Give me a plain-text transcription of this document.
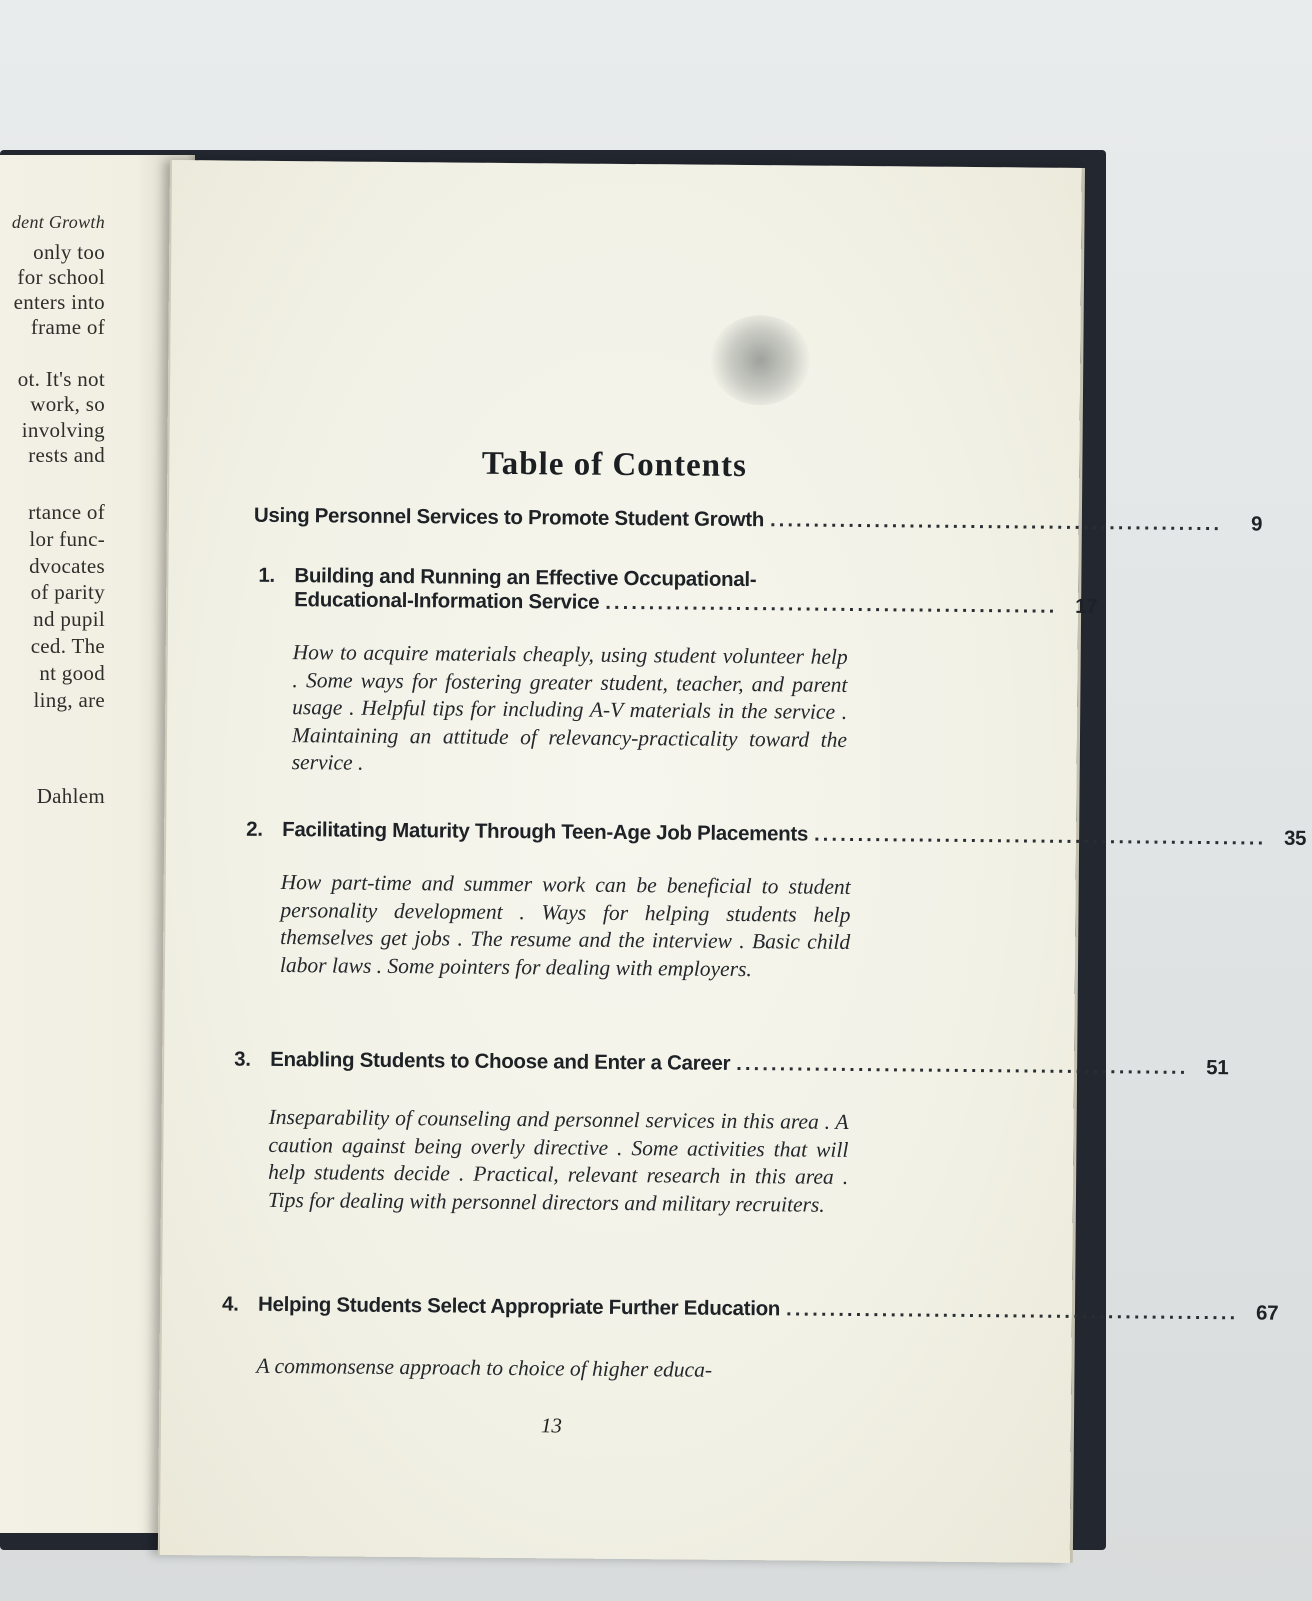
dent Growth

only too

for school

enters into

frame of

ot. It's not

work, so

involving

rests and

rtance of

lor func-

dvocates

of parity

nd pupil

ced. The

nt good

ling, are

Dahlem

Table of Contents
Using Personnel Services to Promote Student Growth ....................................................	9
1. Building and Running an Effective Occupational-
Educational-Information Service .................................................... 17

How to acquire materials cheaply, using student volunteer help . Some ways for fostering greater student, teacher, and parent usage . Helpful tips for including A-V materials in the service . Maintaining an attitude of relevancy-practicality toward the service .

2. Facilitating Maturity Through Teen-Age Job Placements .................................................... 35

How part-time and summer work can be beneficial to student personality development . Ways for helping students help themselves get jobs . The resume and the interview . Basic child labor laws . Some pointers for dealing with employers.

3. Enabling Students to Choose and Enter a Career .................................................... 51

Inseparability of counseling and personnel services in this area . A caution against being overly directive . Some activities that will help students decide . Practical, relevant research in this area . Tips for dealing with personnel directors and military recruiters.

4. Helping Students Select Appropriate Further Education .................................................... 67

A commonsense approach to choice of higher educa-

13
